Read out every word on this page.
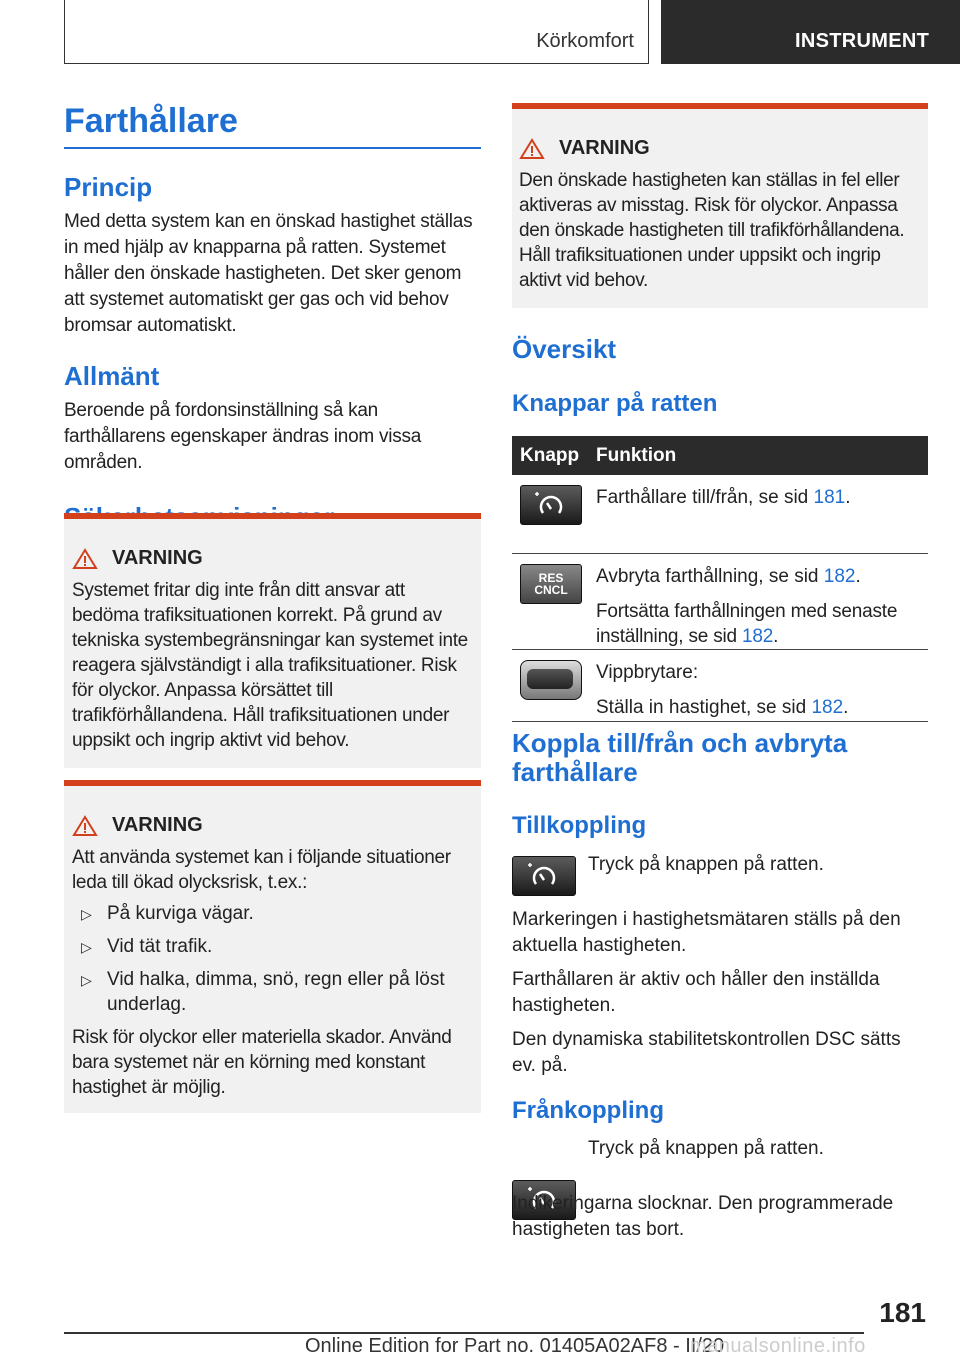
Körkomfort	INSTRUMENT
Farthållare
Princip

Med detta system kan en önskad hastighet ställas in med hjälp av knapparna på ratten. Systemet håller den önskade hastigheten. Det sker genom att systemet automatiskt ger gas och vid behov bromsar automatiskt.

Allmänt

Beroende på fordonsinställning så kan farthållarens egenskaper ändras inom vissa områden.

VARNING

Systemet fritar dig inte från ditt ansvar att bedöma trafiksituationen korrekt. På grund av tekniska systembegränsningar kan systemet inte reagera självständigt i alla trafiksituationer. Risk för olyckor. Anpassa körsättet till trafikförhållandena. Håll trafiksituationen under uppsikt och ingrip aktivt vid behov.

VARNING

Att använda systemet kan i följande situationer leda till ökad olycksrisk, t.ex.:

▷ På kurviga vägar.
▷ Vid tät trafik.
▷ Vid halka, dimma, snö, regn eller på löst underlag.

Risk för olyckor eller materiella skador. Använd bara systemet när en körning med konstant hastighet är möjlig.

VARNING

Den önskade hastigheten kan ställas in fel eller aktiveras av misstag. Risk för olyckor. Anpassa den önskade hastigheten till trafikförhållandena. Håll trafiksituationen under uppsikt och ingrip aktivt vid behov.

Översikt
Knappar på ratten
Knapp Funktion

Farthållare till/från, se sid 181.

RES
CNCL

Avbryta farthållning, se sid 182.

Fortsätta farthållningen med senaste inställning, se sid 182.

Vippbrytare:

Ställa in hastighet, se sid 182.

Koppla till/från och avbryta farthållare
Tillkoppling

Tryck på knappen på ratten.

Markeringen i hastighetsmätaren ställs på den aktuella hastigheten.

Farthållaren är aktiv och håller den inställda hastigheten.

Den dynamiska stabilitetskontrollen DSC sätts ev. på.

Frånkoppling

Tryck på knappen på ratten.

Indikeringarna slocknar. Den programmerade hastigheten tas bort.

181
Online Edition for Part no. 01405A02AF8 - II/20
manualsonline.info
